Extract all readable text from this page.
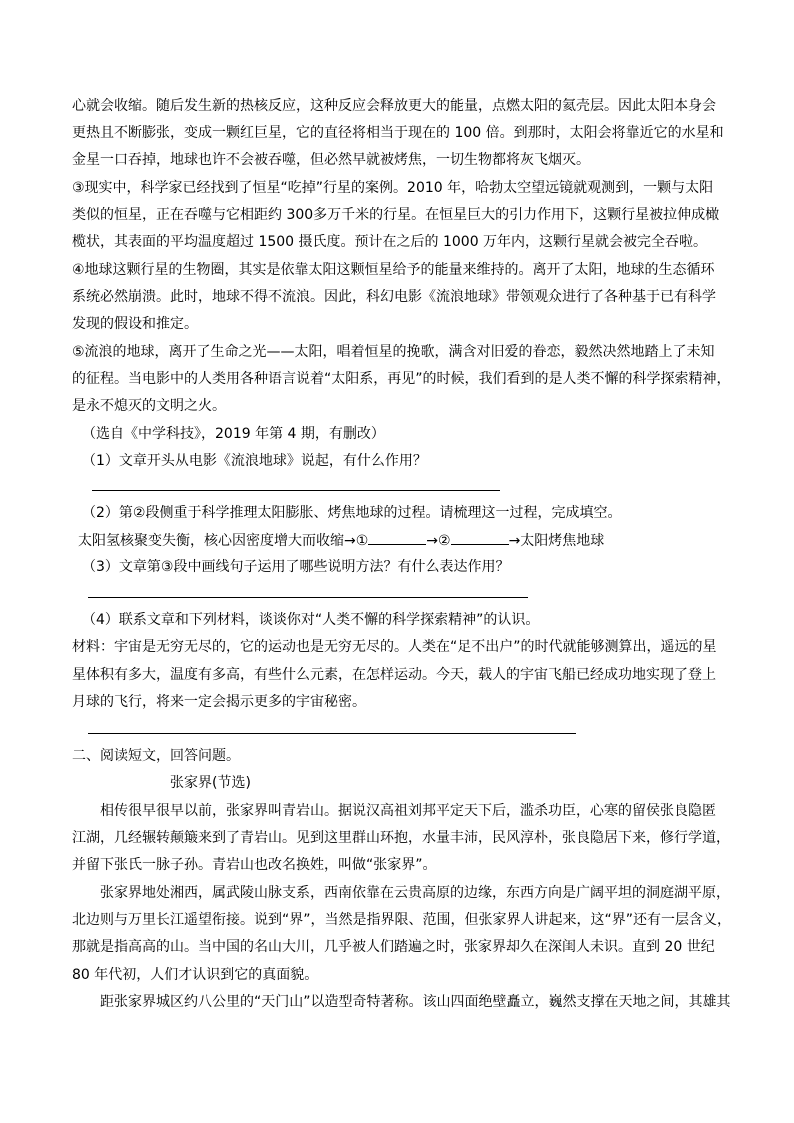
心就会收缩。随后发生新的热核反应，这种反应会释放更大的能量，点燃太阳的氦壳层。因此太阳本身会
更热且不断膨张，变成一颗红巨星，它的直径将相当于现在的 100 倍。到那时，太阳会将靠近它的水星和
金星一口吞掉，地球也许不会被吞噬，但必然早就被烤焦，一切生物都将灰飞烟灭。
③现实中，科学家已经找到了恒星“吃掉”行星的案例。2010 年，哈勃太空望远镜就观测到，一颗与太阳
类似的恒星，正在吞噬与它相距约 300多万千米的行星。在恒星巨大的引力作用下，这颗行星被拉伸成橄
榄状，其表面的平均温度超过 1500 摄氏度。预计在之后的 1000 万年内，这颗行星就会被完全吞啦。
④地球这颗行星的生物圈，其实是依靠太阳这颗恒星给予的能量来维持的。离开了太阳，地球的生态循环
系统必然崩溃。此时，地球不得不流浪。因此，科幻电影《流浪地球》带领观众进行了各种基于已有科学
发现的假设和推定。
⑤流浪的地球，离开了生命之光——太阳，唱着恒星的挽歌，满含对旧爱的眷恋，毅然决然地踏上了未知
的征程。当电影中的人类用各种语言说着“太阳系，再见”的时候，我们看到的是人类不懈的科学探索精神，
是永不熄灭的文明之火。
（选自《中学科技》，2019 年第 4 期，有删改）
（1）文章开头从电影《流浪地球》说起，有什么作用？
（2）第②段侧重于科学推理太阳膨胀、烤焦地球的过程。请梳理这一过程，完成填空。
太阳氢核聚变失衡，核心因密度增大而收缩→①	→②	→太阳烤焦地球
（3）文章第③段中画线句子运用了哪些说明方法？有什么表达作用？
（4）联系文章和下列材料，谈谈你对“人类不懈的科学探索精神”的认识。
材料：宇宙是无穷无尽的，它的运动也是无穷无尽的。人类在“足不出户”的时代就能够测算出，遥远的星
星体积有多大，温度有多高，有些什么元素，在怎样运动。今天，载人的宇宙飞船已经成功地实现了登上
月球的飞行，将来一定会揭示更多的宇宙秘密。
二、阅读短文，回答问题。
张家界(节选)
相传很早很早以前，张家界叫青岩山。据说汉高祖刘邦平定天下后，滥杀功臣，心寒的留侯张良隐匿
江湖，几经辗转颠簸来到了青岩山。见到这里群山环抱，水量丰沛，民风淳朴，张良隐居下来，修行学道，
并留下张氏一脉子孙。青岩山也改名换姓，叫做“张家界”。
张家界地处湘西，属武陵山脉支系，西南依靠在云贵高原的边缘，东西方向是广阔平坦的洞庭湖平原，
北边则与万里长江遥望衔接。说到“界”，当然是指界限、范围，但张家界人讲起来，这“界”还有一层含义，
那就是指高高的山。当中国的名山大川，几乎被人们踏遍之时，张家界却久在深闺人未识。直到 20 世纪
80 年代初，人们才认识到它的真面貌。
距张家界城区约八公里的“天门山”以造型奇特著称。该山四面绝壁矗立，巍然支撑在天地之间，其雄其
